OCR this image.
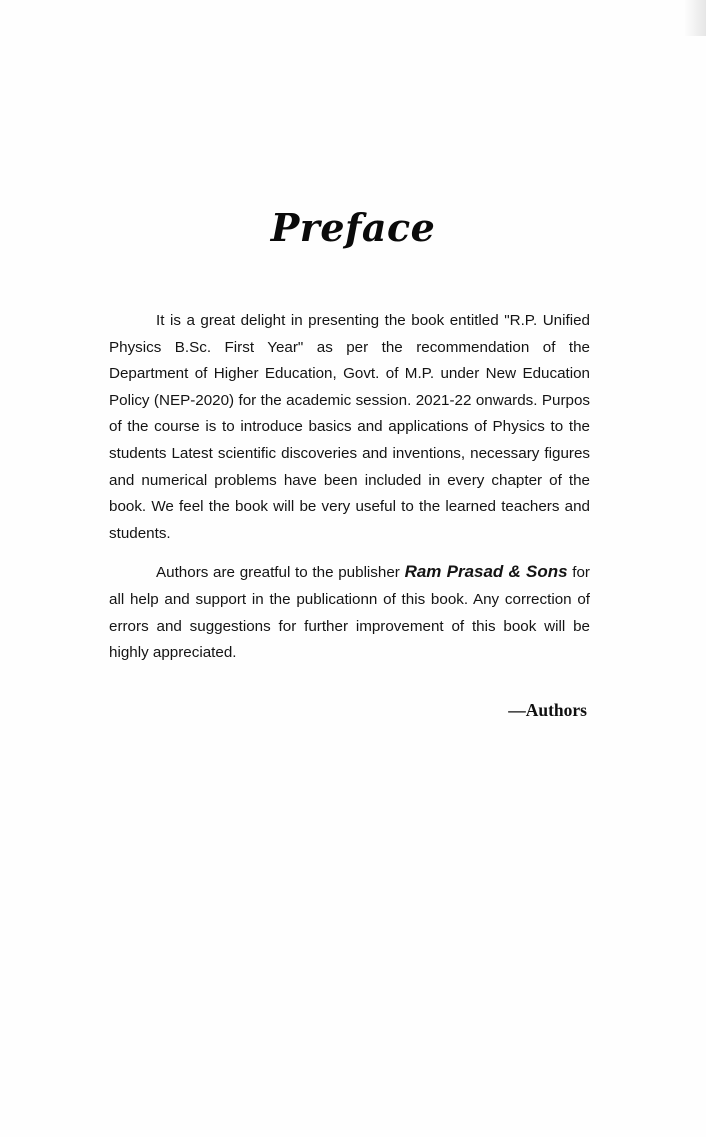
Preface

It is a great delight in presenting the book entitled "R.P. Unified Physics B.Sc. First Year" as per the recommendation of the Department of Higher Education, Govt. of M.P. under New Education Policy (NEP-2020) for the academic session. 2021-22 onwards. Purpos of the course is to introduce basics and applications of Physics to the students Latest scientific discoveries and inventions, necessary figures and numerical problems have been included in every chapter of the book. We feel the book will be very useful to the learned teachers and students.

Authors are greatful to the publisher Ram Prasad & Sons for all help and support in the publicationn of this book. Any correction of errors and suggestions for further improvement of this book will be highly appreciated.

—Authors
